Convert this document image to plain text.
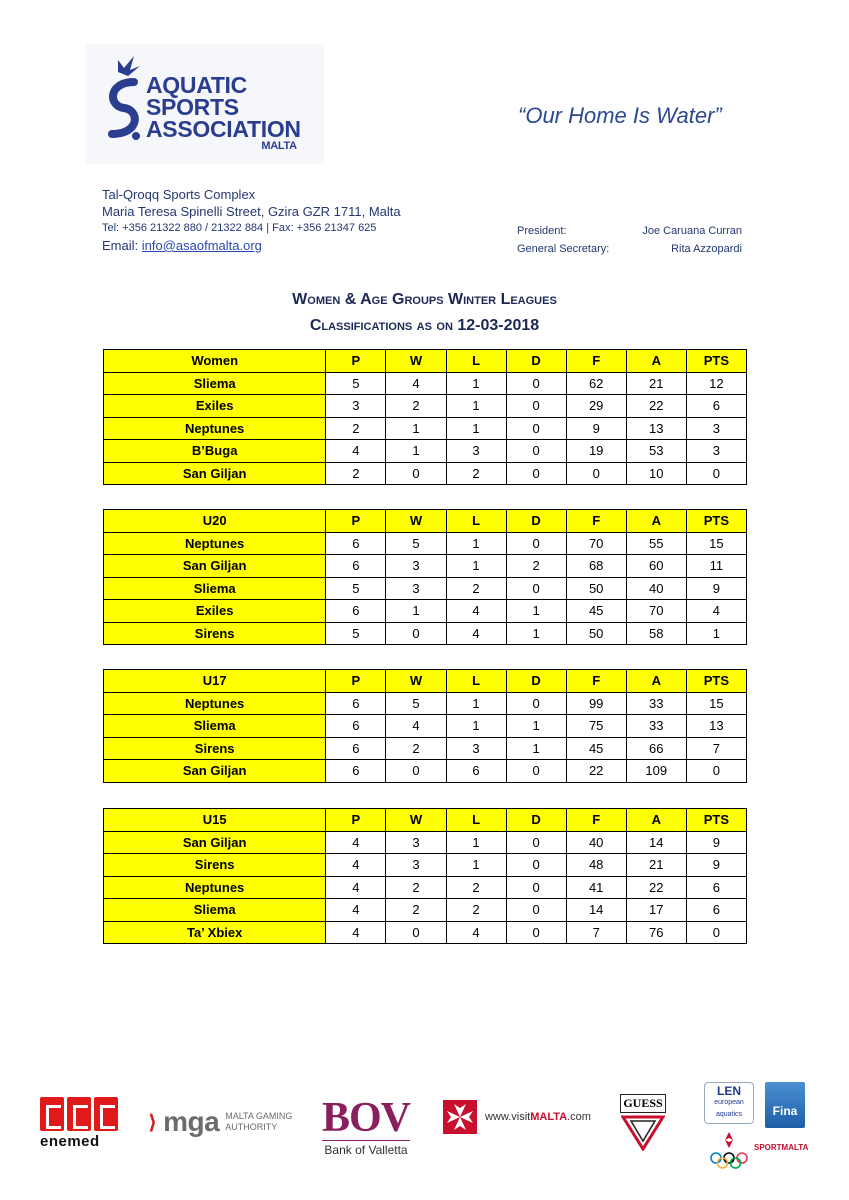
AQUATIC
SPORTS
ASSOCIATION
MALTA
“Our Home Is Water”
Tal-Qroqq Sports Complex
Maria Teresa Spinelli Street, Gzira GZR 1711, Malta
Tel: +356 21322 880 / 21322 884 | Fax: +356 21347 625
Email: info@asaofmalta.org
President:	Joe Caruana Curran
General Secretary:	Rita Azzopardi
Women & Age Groups Winter Leagues
Classifications as on 12-03-2018
Women	P	W	L	D	F	A	PTS
Sliema	5	4	1	0	62	21	12
Exiles	3	2	1	0	29	22	6
Neptunes	2	1	1	0	9	13	3
B’Buga	4	1	3	0	19	53	3
San Giljan	2	0	2	0	0	10	0
U20	P	W	L	D	F	A	PTS
Neptunes	6	5	1	0	70	55	15
San Giljan	6	3	1	2	68	60	11
Sliema	5	3	2	0	50	40	9
Exiles	6	1	4	1	45	70	4
Sirens	5	0	4	1	50	58	1
U17	P	W	L	D	F	A	PTS
Neptunes	6	5	1	0	99	33	15
Sliema	6	4	1	1	75	33	13
Sirens	6	2	3	1	45	66	7
San Giljan	6	0	6	0	22	109	0
U15	P	W	L	D	F	A	PTS
San Giljan	4	3	1	0	40	14	9
Sirens	4	3	1	0	48	21	9
Neptunes	4	2	2	0	41	22	6
Sliema	4	2	2	0	14	17	6
Ta’ Xbiex	4	0	4	0	7	76	0
enemed
⟩ mga MALTA GAMING
AUTHORITY	BOV
Bank of Valletta
www.visitMALTA.com
GUESS
LEN
european aquatics	Fina
SPORTMALTA
